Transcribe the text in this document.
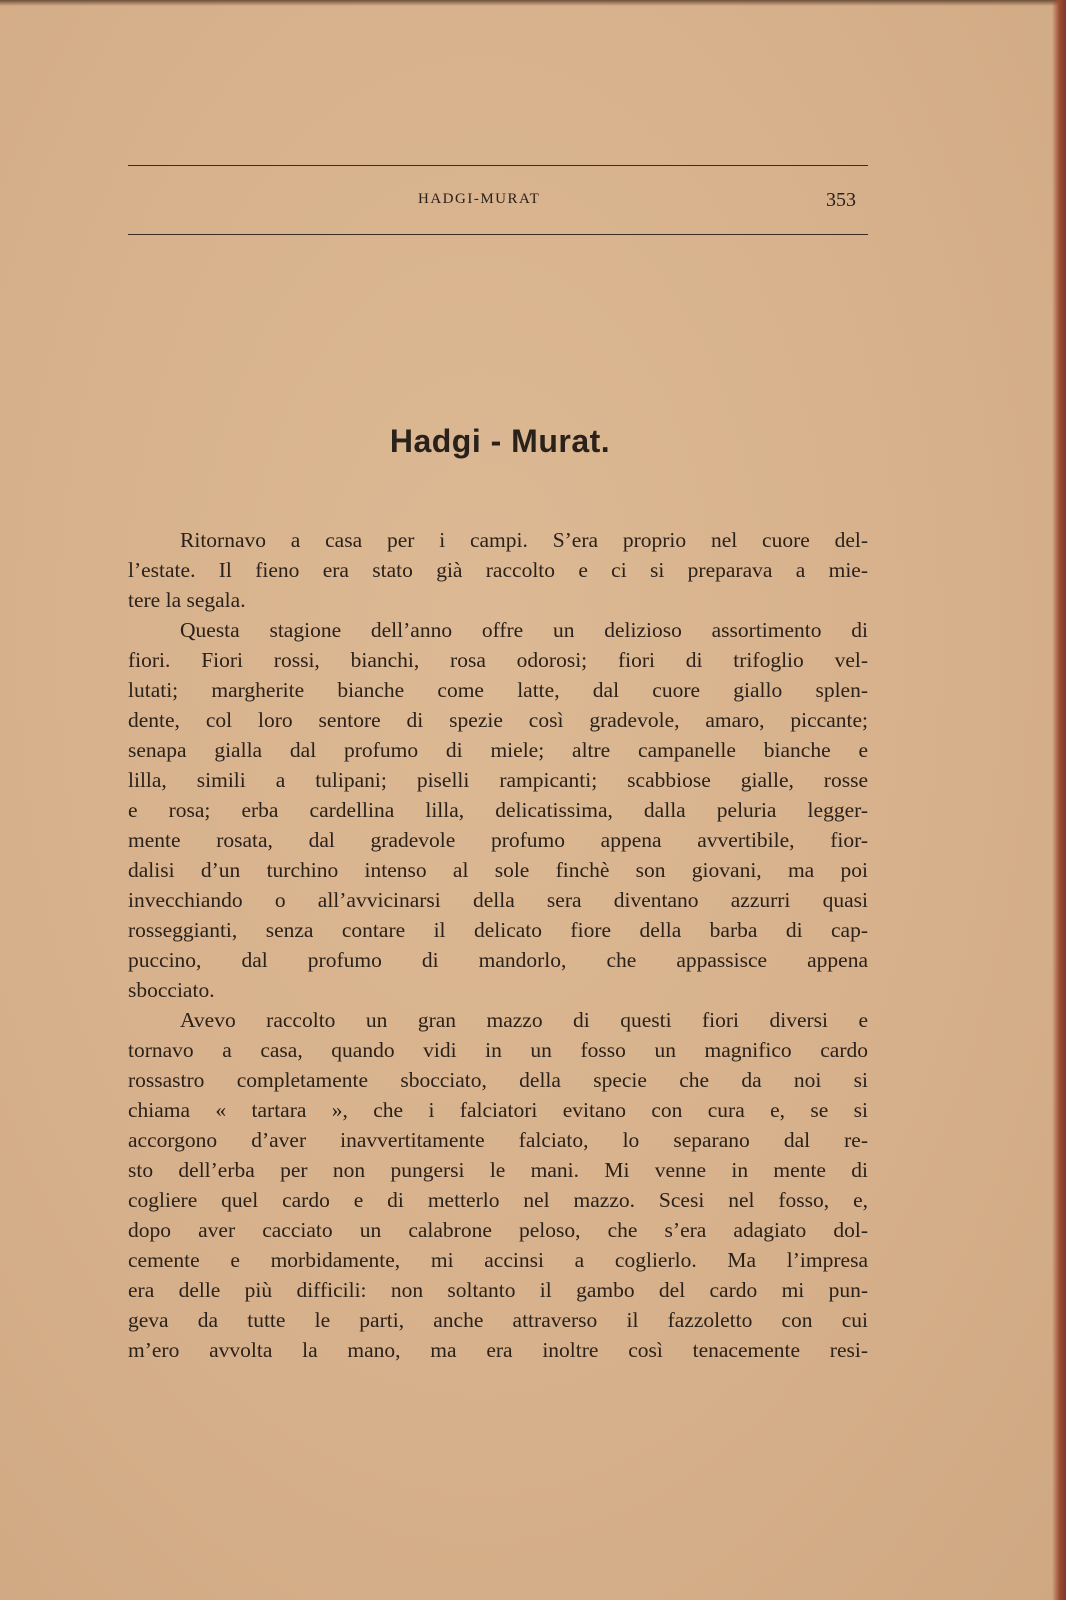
HADGI-MURAT	353
Hadgi - Murat.
Ritornavo a casa per i campi. S’era proprio nel cuore del-
l’estate. Il fieno era stato già raccolto e ci si preparava a mie-
tere la segala.
Questa stagione dell’anno offre un delizioso assortimento di
fiori. Fiori rossi, bianchi, rosa odorosi; fiori di trifoglio vel-
lutati; margherite bianche come latte, dal cuore giallo splen-
dente, col loro sentore di spezie così gradevole, amaro, piccante;
senapa gialla dal profumo di miele; altre campanelle bianche e
lilla, simili a tulipani; piselli rampicanti; scabbiose gialle, rosse
e rosa; erba cardellina lilla, delicatissima, dalla peluria legger-
mente rosata, dal gradevole profumo appena avvertibile, fior-
dalisi d’un turchino intenso al sole finchè son giovani, ma poi
invecchiando o all’avvicinarsi della sera diventano azzurri quasi
rosseggianti, senza contare il delicato fiore della barba di cap-
puccino, dal profumo di mandorlo, che appassisce appena
sbocciato.
Avevo raccolto un gran mazzo di questi fiori diversi e
tornavo a casa, quando vidi in un fosso un magnifico cardo
rossastro completamente sbocciato, della specie che da noi si
chiama « tartara », che i falciatori evitano con cura e, se si
accorgono d’aver inavvertitamente falciato, lo separano dal re-
sto dell’erba per non pungersi le mani. Mi venne in mente di
cogliere quel cardo e di metterlo nel mazzo. Scesi nel fosso, e,
dopo aver cacciato un calabrone peloso, che s’era adagiato dol-
cemente e morbidamente, mi accinsi a coglierlo. Ma l’impresa
era delle più difficili: non soltanto il gambo del cardo mi pun-
geva da tutte le parti, anche attraverso il fazzoletto con cui
m’ero avvolta la mano, ma era inoltre così tenacemente resi-
